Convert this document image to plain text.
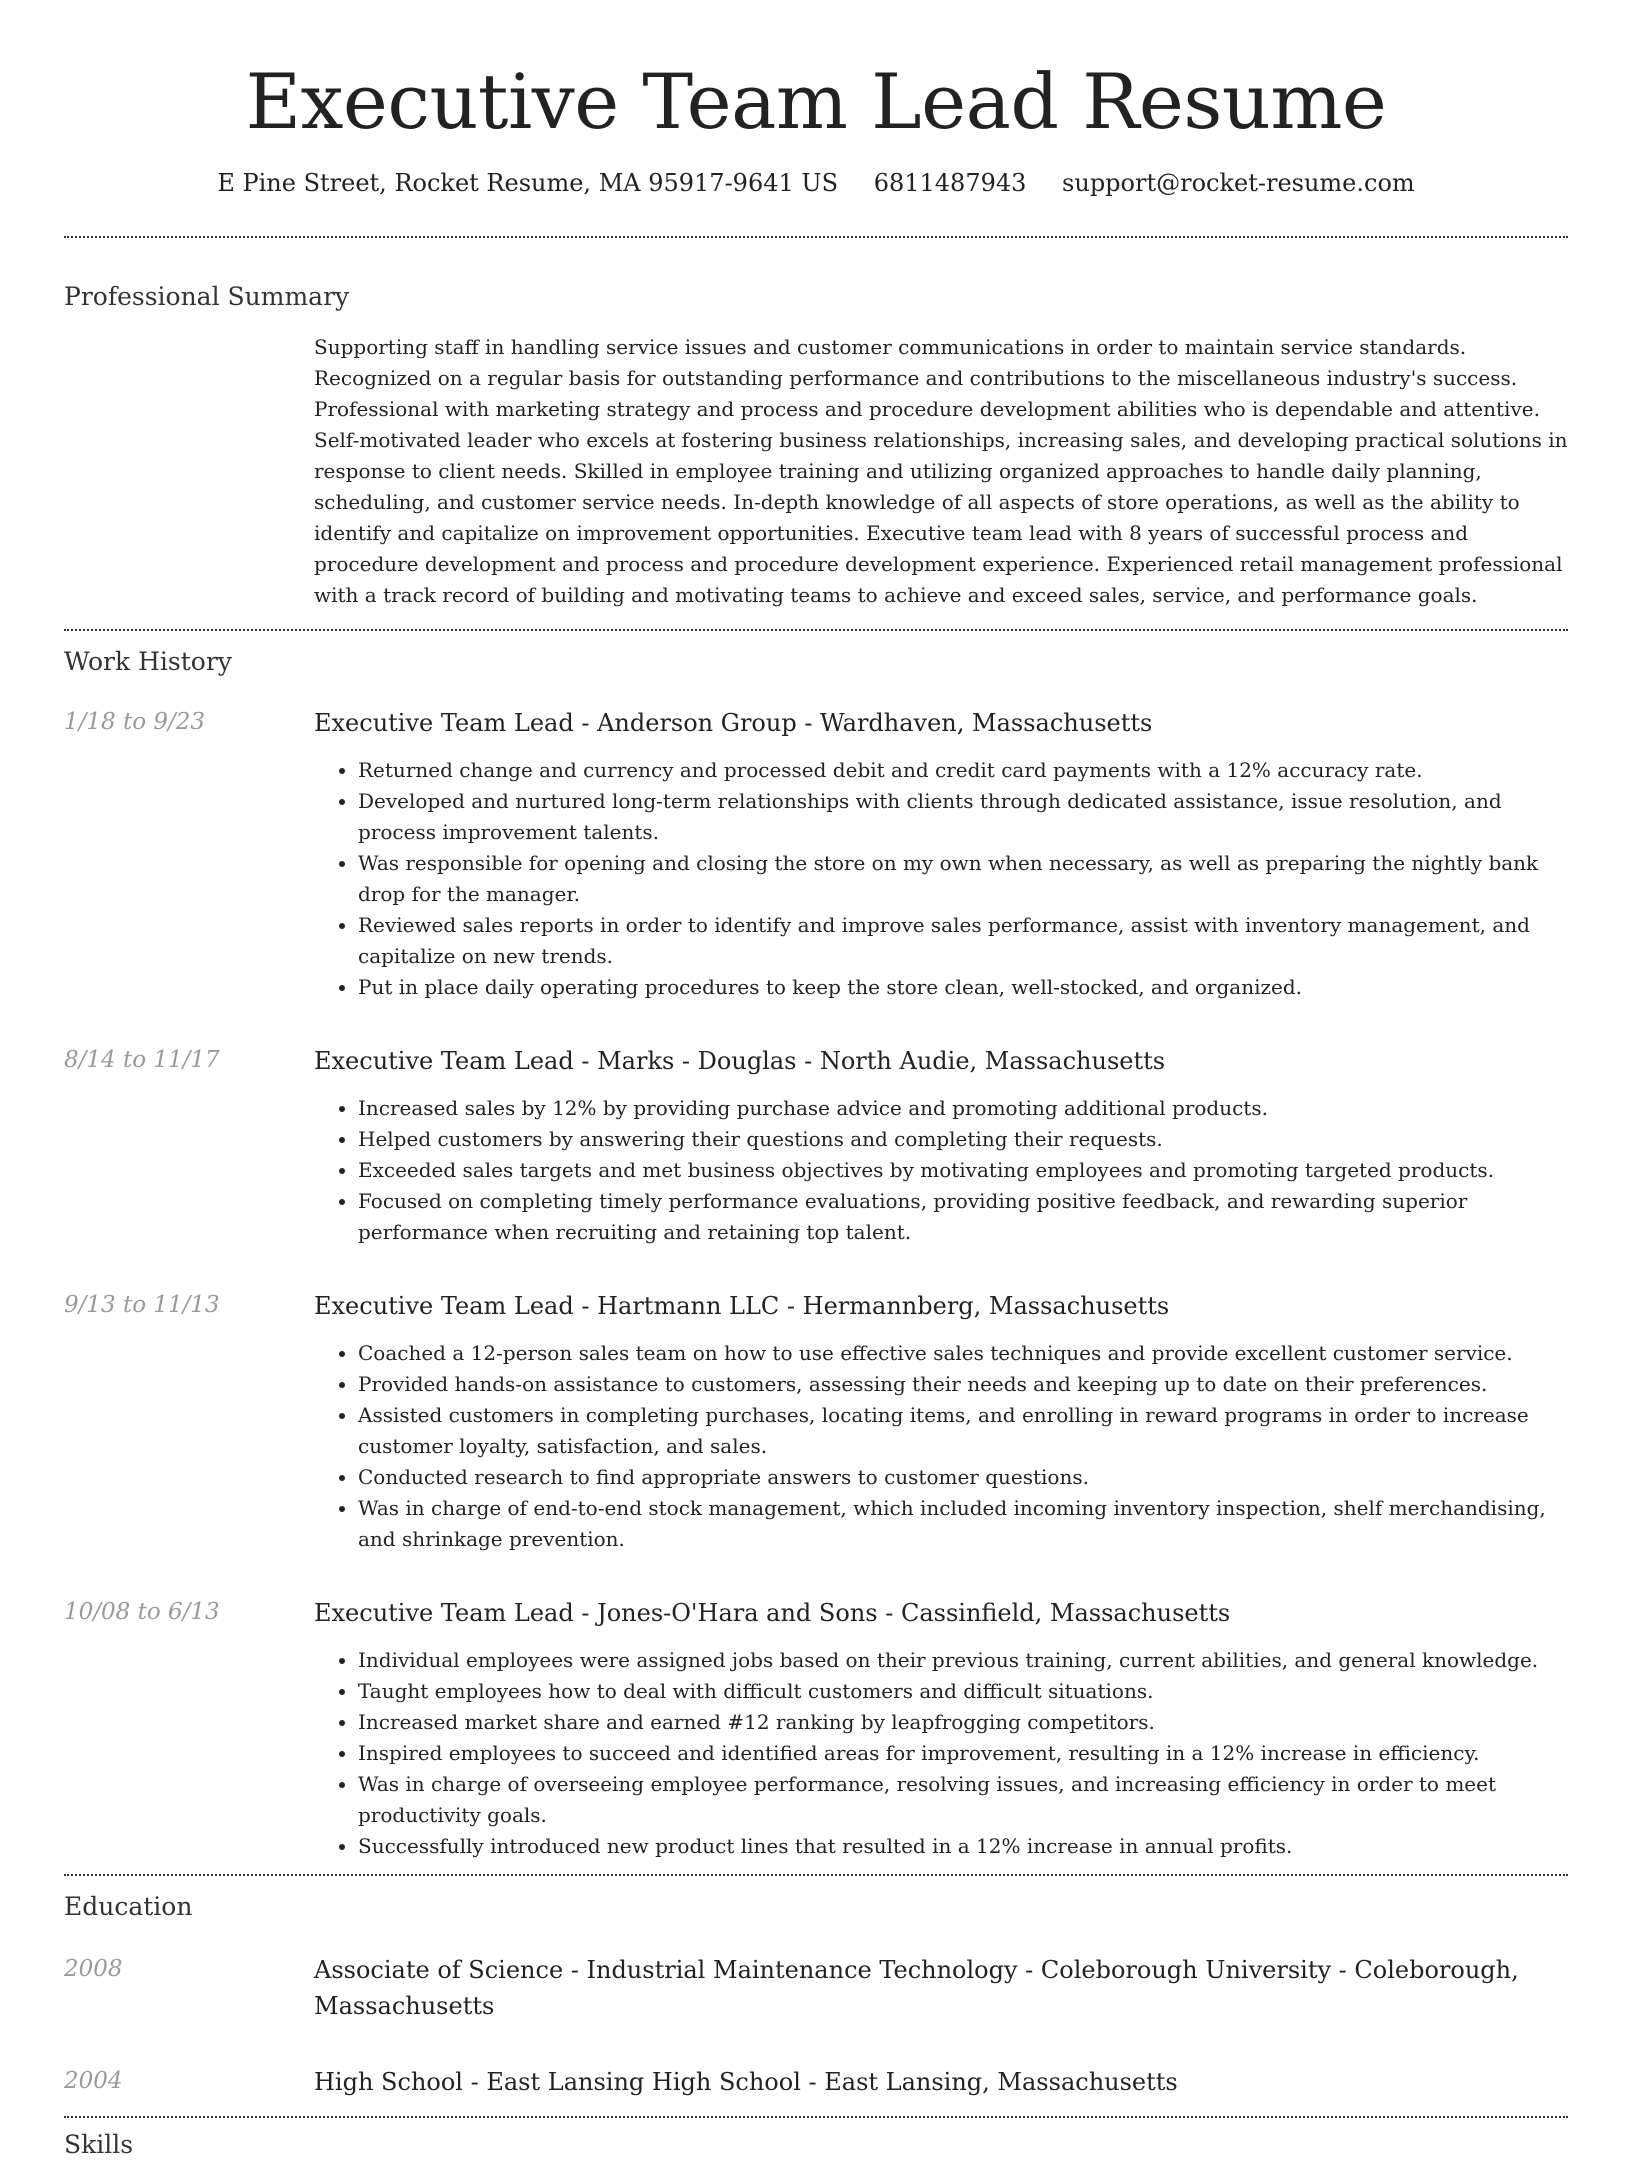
Executive Team Lead Resume
E Pine Street, Rocket Resume, MA 95917-9641 US 6811487943 support@rocket-resume.com
Professional Summary

Supporting staff in handling service issues and customer communications in order to maintain service standards. Recognized on a regular basis for outstanding performance and contributions to the miscellaneous industry's success. Professional with marketing strategy and process and procedure development abilities who is dependable and attentive. Self-motivated leader who excels at fostering business relationships, increasing sales, and developing practical solutions in response to client needs. Skilled in employee training and utilizing organized approaches to handle daily planning, scheduling, and customer service needs. In-depth knowledge of all aspects of store operations, as well as the ability to identify and capitalize on improvement opportunities. Executive team lead with 8 years of successful process and procedure development and process and procedure development experience. Experienced retail management professional with a track record of building and motivating teams to achieve and exceed sales, service, and performance goals.

Work History
1/18 to 9/23	Executive Team Lead - Anderson Group - Wardhaven, Massachusetts
• Returned change and currency and processed debit and credit card payments with a 12% accuracy rate.
• Developed and nurtured long-term relationships with clients through dedicated assistance, issue resolution, and process improvement talents.
• Was responsible for opening and closing the store on my own when necessary, as well as preparing the nightly bank drop for the manager.
• Reviewed sales reports in order to identify and improve sales performance, assist with inventory management, and capitalize on new trends.
• Put in place daily operating procedures to keep the store clean, well-stocked, and organized.
8/14 to 11/17	Executive Team Lead - Marks - Douglas - North Audie, Massachusetts
• Increased sales by 12% by providing purchase advice and promoting additional products.
• Helped customers by answering their questions and completing their requests.
• Exceeded sales targets and met business objectives by motivating employees and promoting targeted products.
• Focused on completing timely performance evaluations, providing positive feedback, and rewarding superior performance when recruiting and retaining top talent.
9/13 to 11/13	Executive Team Lead - Hartmann LLC - Hermannberg, Massachusetts
• Coached a 12-person sales team on how to use effective sales techniques and provide excellent customer service.
• Provided hands-on assistance to customers, assessing their needs and keeping up to date on their preferences.
• Assisted customers in completing purchases, locating items, and enrolling in reward programs in order to increase customer loyalty, satisfaction, and sales.
• Conducted research to find appropriate answers to customer questions.
• Was in charge of end-to-end stock management, which included incoming inventory inspection, shelf merchandising, and shrinkage prevention.
10/08 to 6/13	Executive Team Lead - Jones-O'Hara and Sons - Cassinfield, Massachusetts
• Individual employees were assigned jobs based on their previous training, current abilities, and general knowledge.
• Taught employees how to deal with difficult customers and difficult situations.
• Increased market share and earned #12 ranking by leapfrogging competitors.
• Inspired employees to succeed and identified areas for improvement, resulting in a 12% increase in efficiency.
• Was in charge of overseeing employee performance, resolving issues, and increasing efficiency in order to meet productivity goals.
• Successfully introduced new product lines that resulted in a 12% increase in annual profits.
Education
2008	Associate of Science - Industrial Maintenance Technology - Coleborough University - Coleborough, Massachusetts
2004	High School - East Lansing High School - East Lansing, Massachusetts
Skills
